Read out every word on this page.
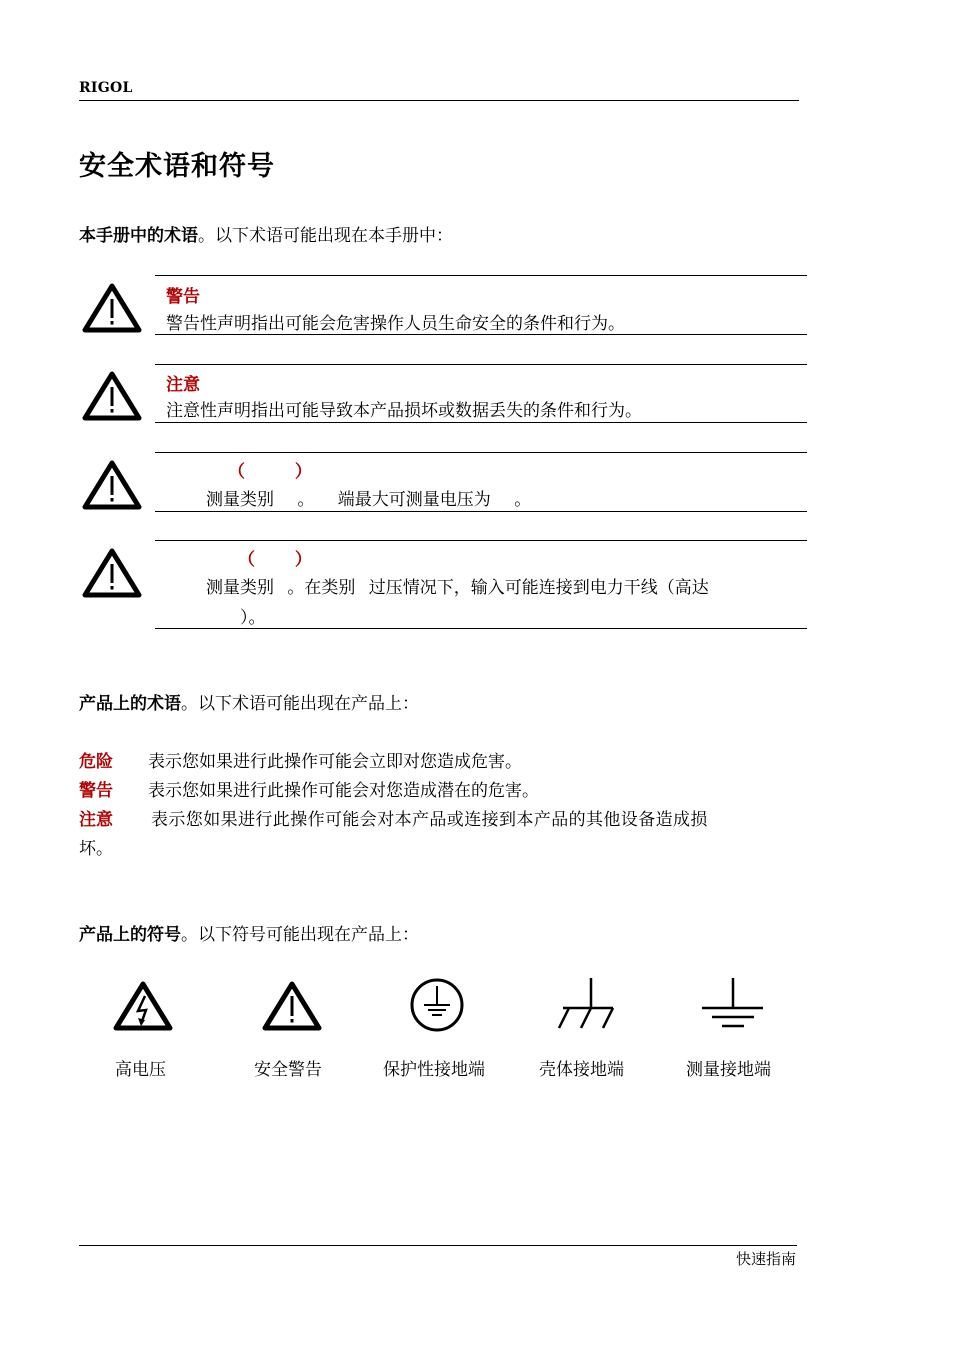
RIGOL
安全术语和符号
本手册中的术语。以下术语可能出现在本手册中：
警告
警告性声明指出可能会危害操作人员生命安全的条件和行为。
注意
注意性声明指出可能导致本产品损坏或数据丢失的条件和行为。
（ ）
测量类别 。 端最大可测量电压为 。
（ ）
测量类别 。在类别 过压情况下，输入可能连接到电力干线（高达
）。
产品上的术语。以下术语可能出现在产品上：
危险 表示您如果进行此操作可能会立即对您造成危害。
警告 表示您如果进行此操作可能会对您造成潜在的危害。
注意 表示您如果进行此操作可能会对本产品或连接到本产品的其他设备造成损
坏。
产品上的符号。以下符号可能出现在产品上：
高电压	安全警告	保护性接地端	壳体接地端	测量接地端
快速指南
